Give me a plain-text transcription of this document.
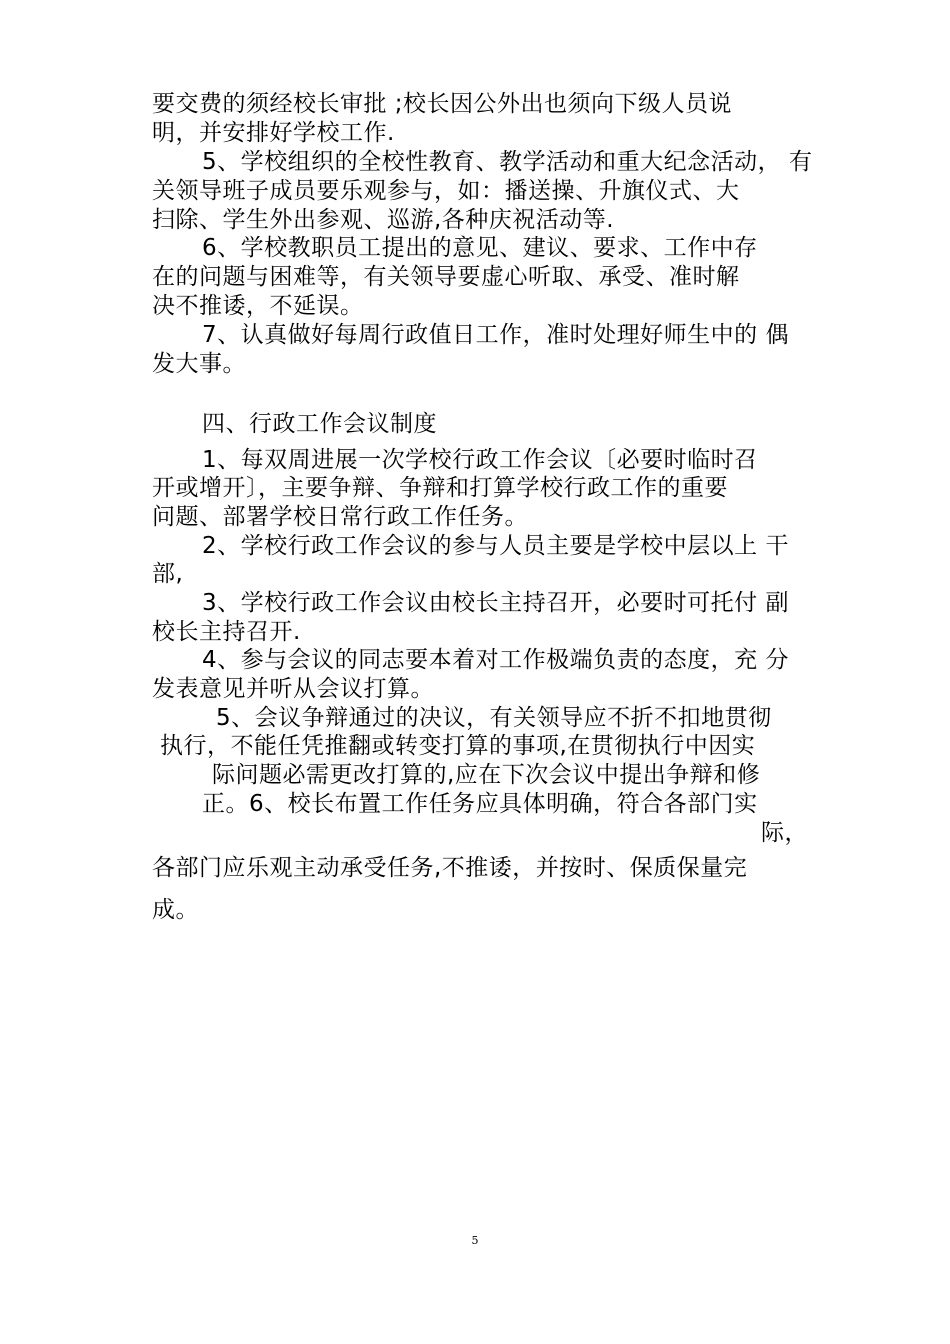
要交费的须经校长审批 ;校长因公外出也须向下级人员说
明，并安排好学校工作.
5、学校组织的全校性教育、教学活动和重大纪念活动， 有
关领导班子成员要乐观参与，如：播送操、升旗仪式、大
扫除、学生外出参观、巡游,各种庆祝活动等.
6、学校教职员工提出的意见、建议、要求、工作中存
在的问题与困难等，有关领导要虚心听取、承受、准时解
决不推诿，不延误。
7、认真做好每周行政值日工作，准时处理好师生中的 偶
发大事。
四、行政工作会议制度
1、每双周进展一次学校行政工作会议〔必要时临时召
开或增开〕，主要争辩、争辩和打算学校行政工作的重要
问题、部署学校日常行政工作任务。
2、学校行政工作会议的参与人员主要是学校中层以上 干
部,
3、学校行政工作会议由校长主持召开，必要时可托付 副
校长主持召开.
4、参与会议的同志要本着对工作极端负责的态度，充 分
发表意见并听从会议打算。
5、会议争辩通过的决议，有关领导应不折不扣地贯彻
执行，不能任凭推翻或转变打算的事项,在贯彻执行中因实
际问题必需更改打算的,应在下次会议中提出争辩和修
正。6、校长布置工作任务应具体明确，符合各部门实
际，
各部门应乐观主动承受任务,不推诿，并按时、保质保量完
成。
5
